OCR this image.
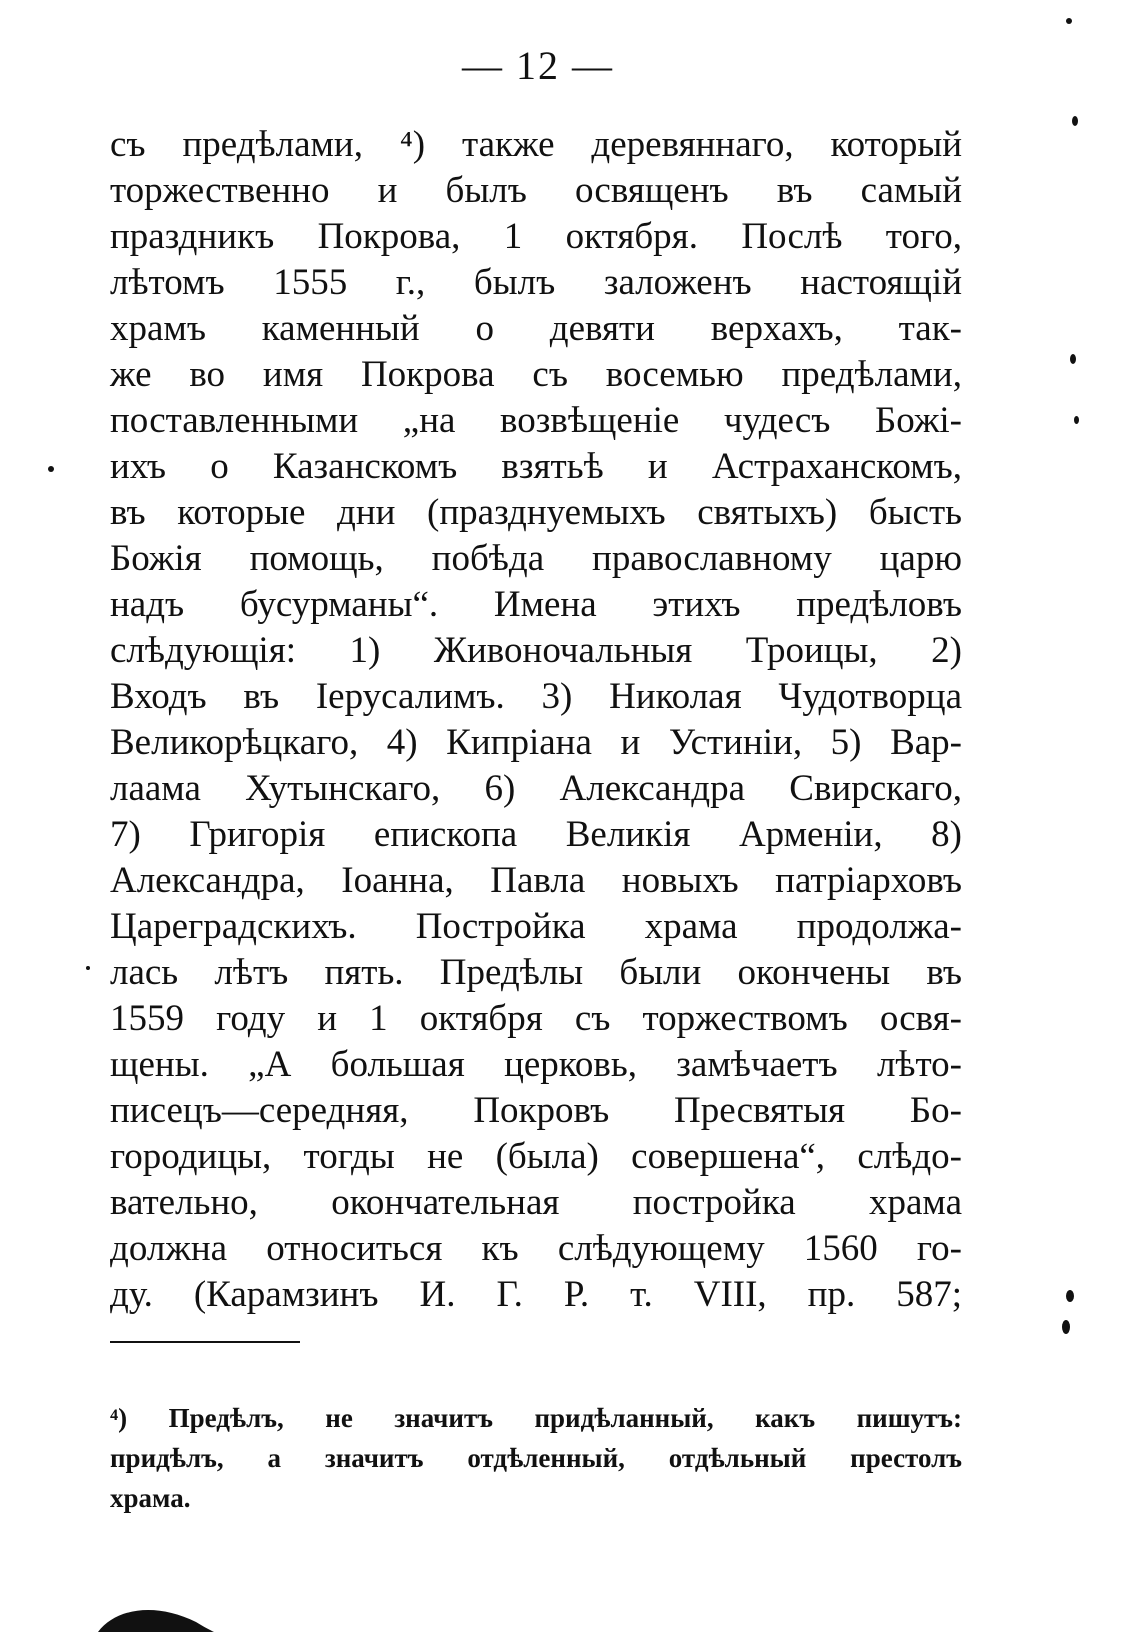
— 12 —
съ предѣлами, ⁴) также деревяннаго, который
торжественно и былъ освященъ въ самый
праздникъ Покрова, 1 октября. Послѣ того,
лѣтомъ 1555 г., былъ заложенъ настоящій
храмъ каменный о девяти верхахъ, так-
же во имя Покрова съ восемью предѣлами,
поставленными „на возвѣщеніе чудесъ Божі-
ихъ о Казанскомъ взятьѣ и Астраханскомъ,
въ которые дни (празднуемыхъ святыхъ) бысть
Божія помощь, побѣда православному царю
надъ бусурманы“. Имена этихъ предѣловъ
слѣдующія: 1) Живоночальныя Троицы, 2)
Входъ въ Іерусалимъ. 3) Николая Чудотворца
Великорѣцкаго, 4) Кипріана и Устиніи, 5) Вар-
лаама Хутынскаго, 6) Александра Свирскаго,
7) Григорія епископа Великія Арменіи, 8)
Александра, Іоанна, Павла новыхъ патріарховъ
Цареградскихъ. Постройка храма продолжа-
лась лѣтъ пять. Предѣлы были окончены въ
1559 году и 1 октября съ торжествомъ освя-
щены. „А большая церковь, замѣчаетъ лѣто-
писецъ—середняя, Покровъ Пресвятыя Бо-
городицы, тогды не (была) совершена“, слѣдо-
вательно, окончательная постройка храма
должна относиться къ слѣдующему 1560 го-
ду. (Карамзинъ И. Г. Р. т. VIII, пр. 587;
⁴) Предѣлъ, не значитъ придѣланный, какъ пишутъ:
придѣлъ, а значитъ отдѣленный, отдѣльный престолъ
храма.
